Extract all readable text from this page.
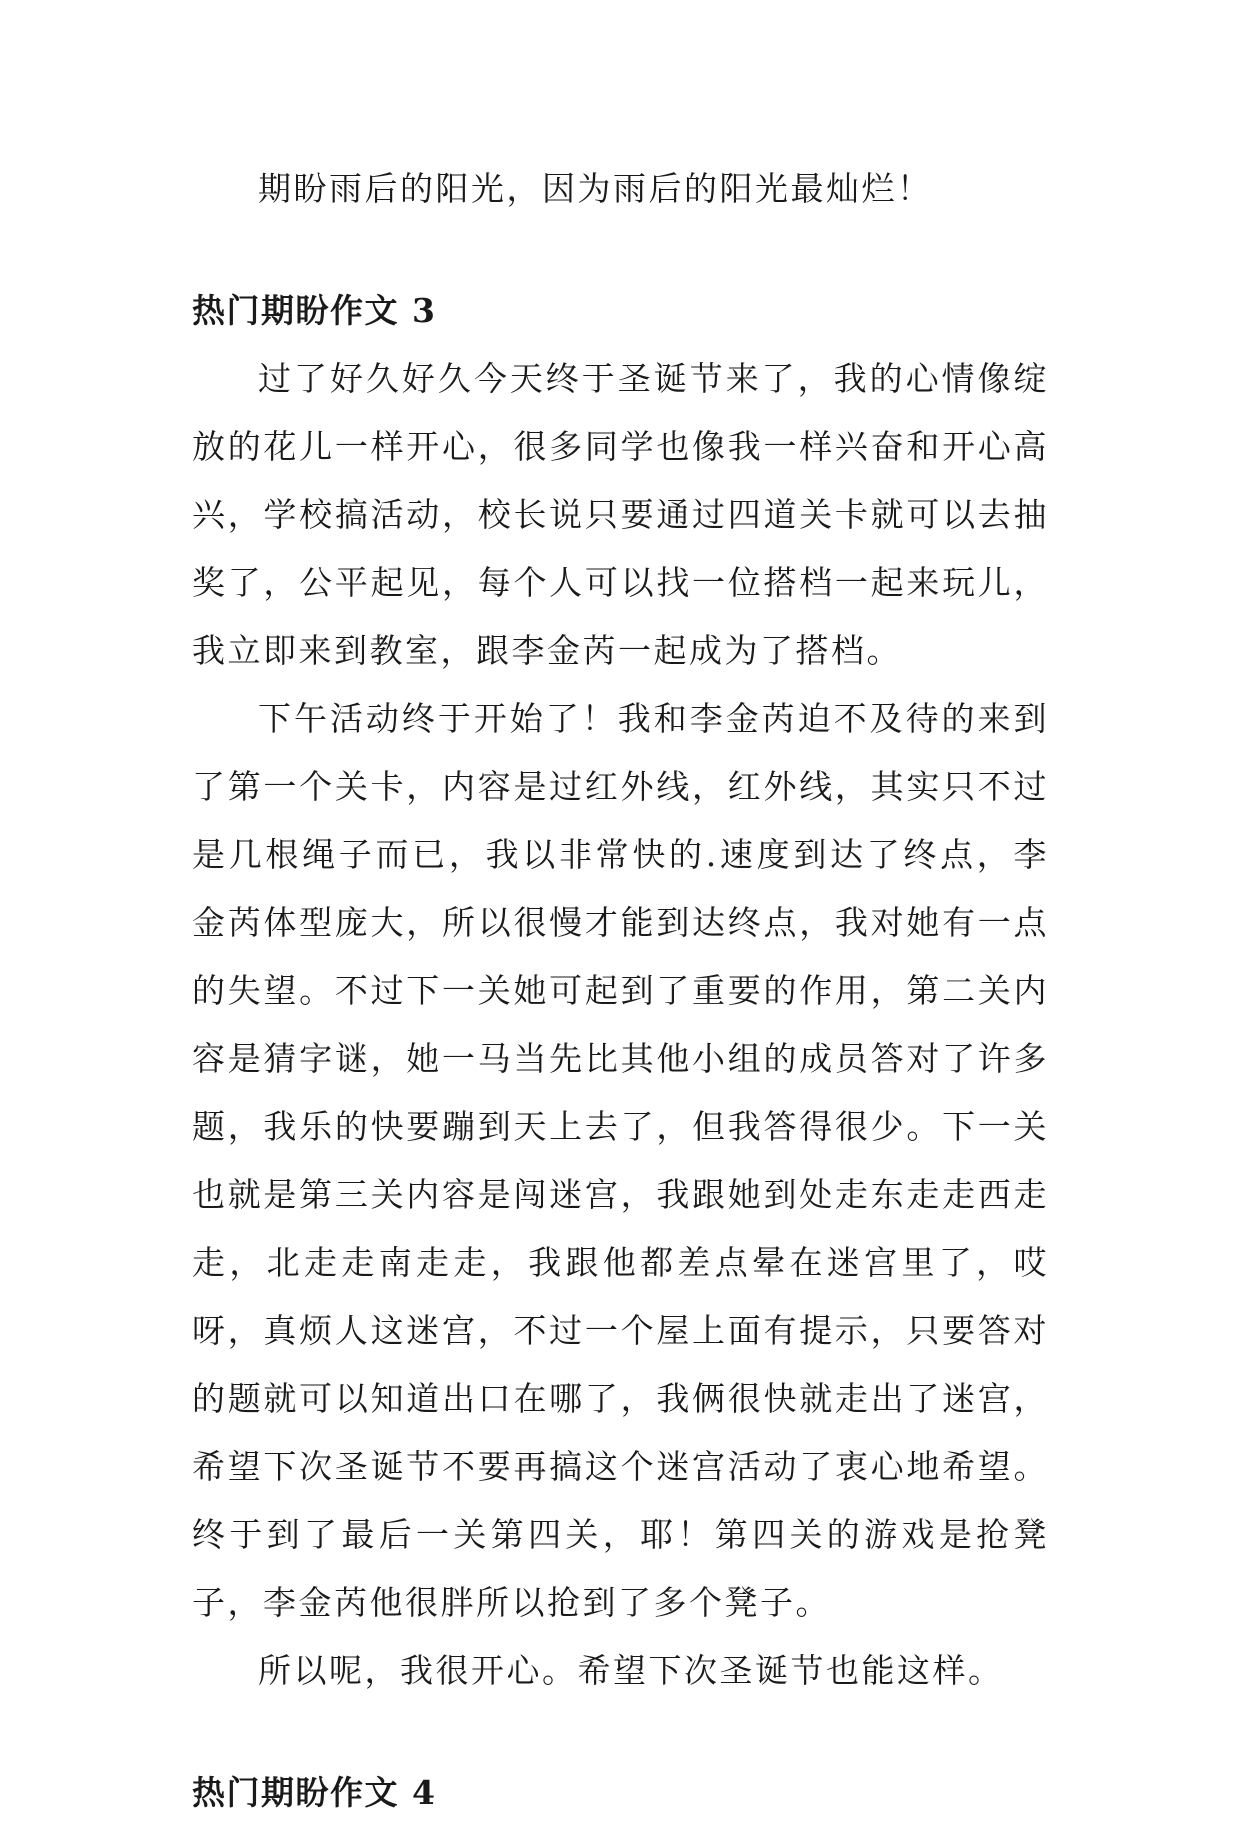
期盼雨后的阳光，因为雨后的阳光最灿烂！

热门期盼作文 3

过了好久好久今天终于圣诞节来了，我的心情像绽放的花儿一样开心，很多同学也像我一样兴奋和开心高兴，学校搞活动，校长说只要通过四道关卡就可以去抽奖了，公平起见，每个人可以找一位搭档一起来玩儿，我立即来到教室，跟李金芮一起成为了搭档。

下午活动终于开始了！我和李金芮迫不及待的来到了第一个关卡，内容是过红外线，红外线，其实只不过是几根绳子而已，我以非常快的.速度到达了终点，李金芮体型庞大，所以很慢才能到达终点，我对她有一点的失望。不过下一关她可起到了重要的作用，第二关内容是猜字谜，她一马当先比其他小组的成员答对了许多题，我乐的快要蹦到天上去了，但我答得很少。下一关也就是第三关内容是闯迷宫，我跟她到处走东走走西走走，北走走南走走，我跟他都差点晕在迷宫里了，哎呀，真烦人这迷宫，不过一个屋上面有提示，只要答对的题就可以知道出口在哪了，我俩很快就走出了迷宫，希望下次圣诞节不要再搞这个迷宫活动了衷心地希望。终于到了最后一关第四关，耶！第四关的游戏是抢凳子，李金芮他很胖所以抢到了多个凳子。

所以呢，我很开心。希望下次圣诞节也能这样。

热门期盼作文 4
